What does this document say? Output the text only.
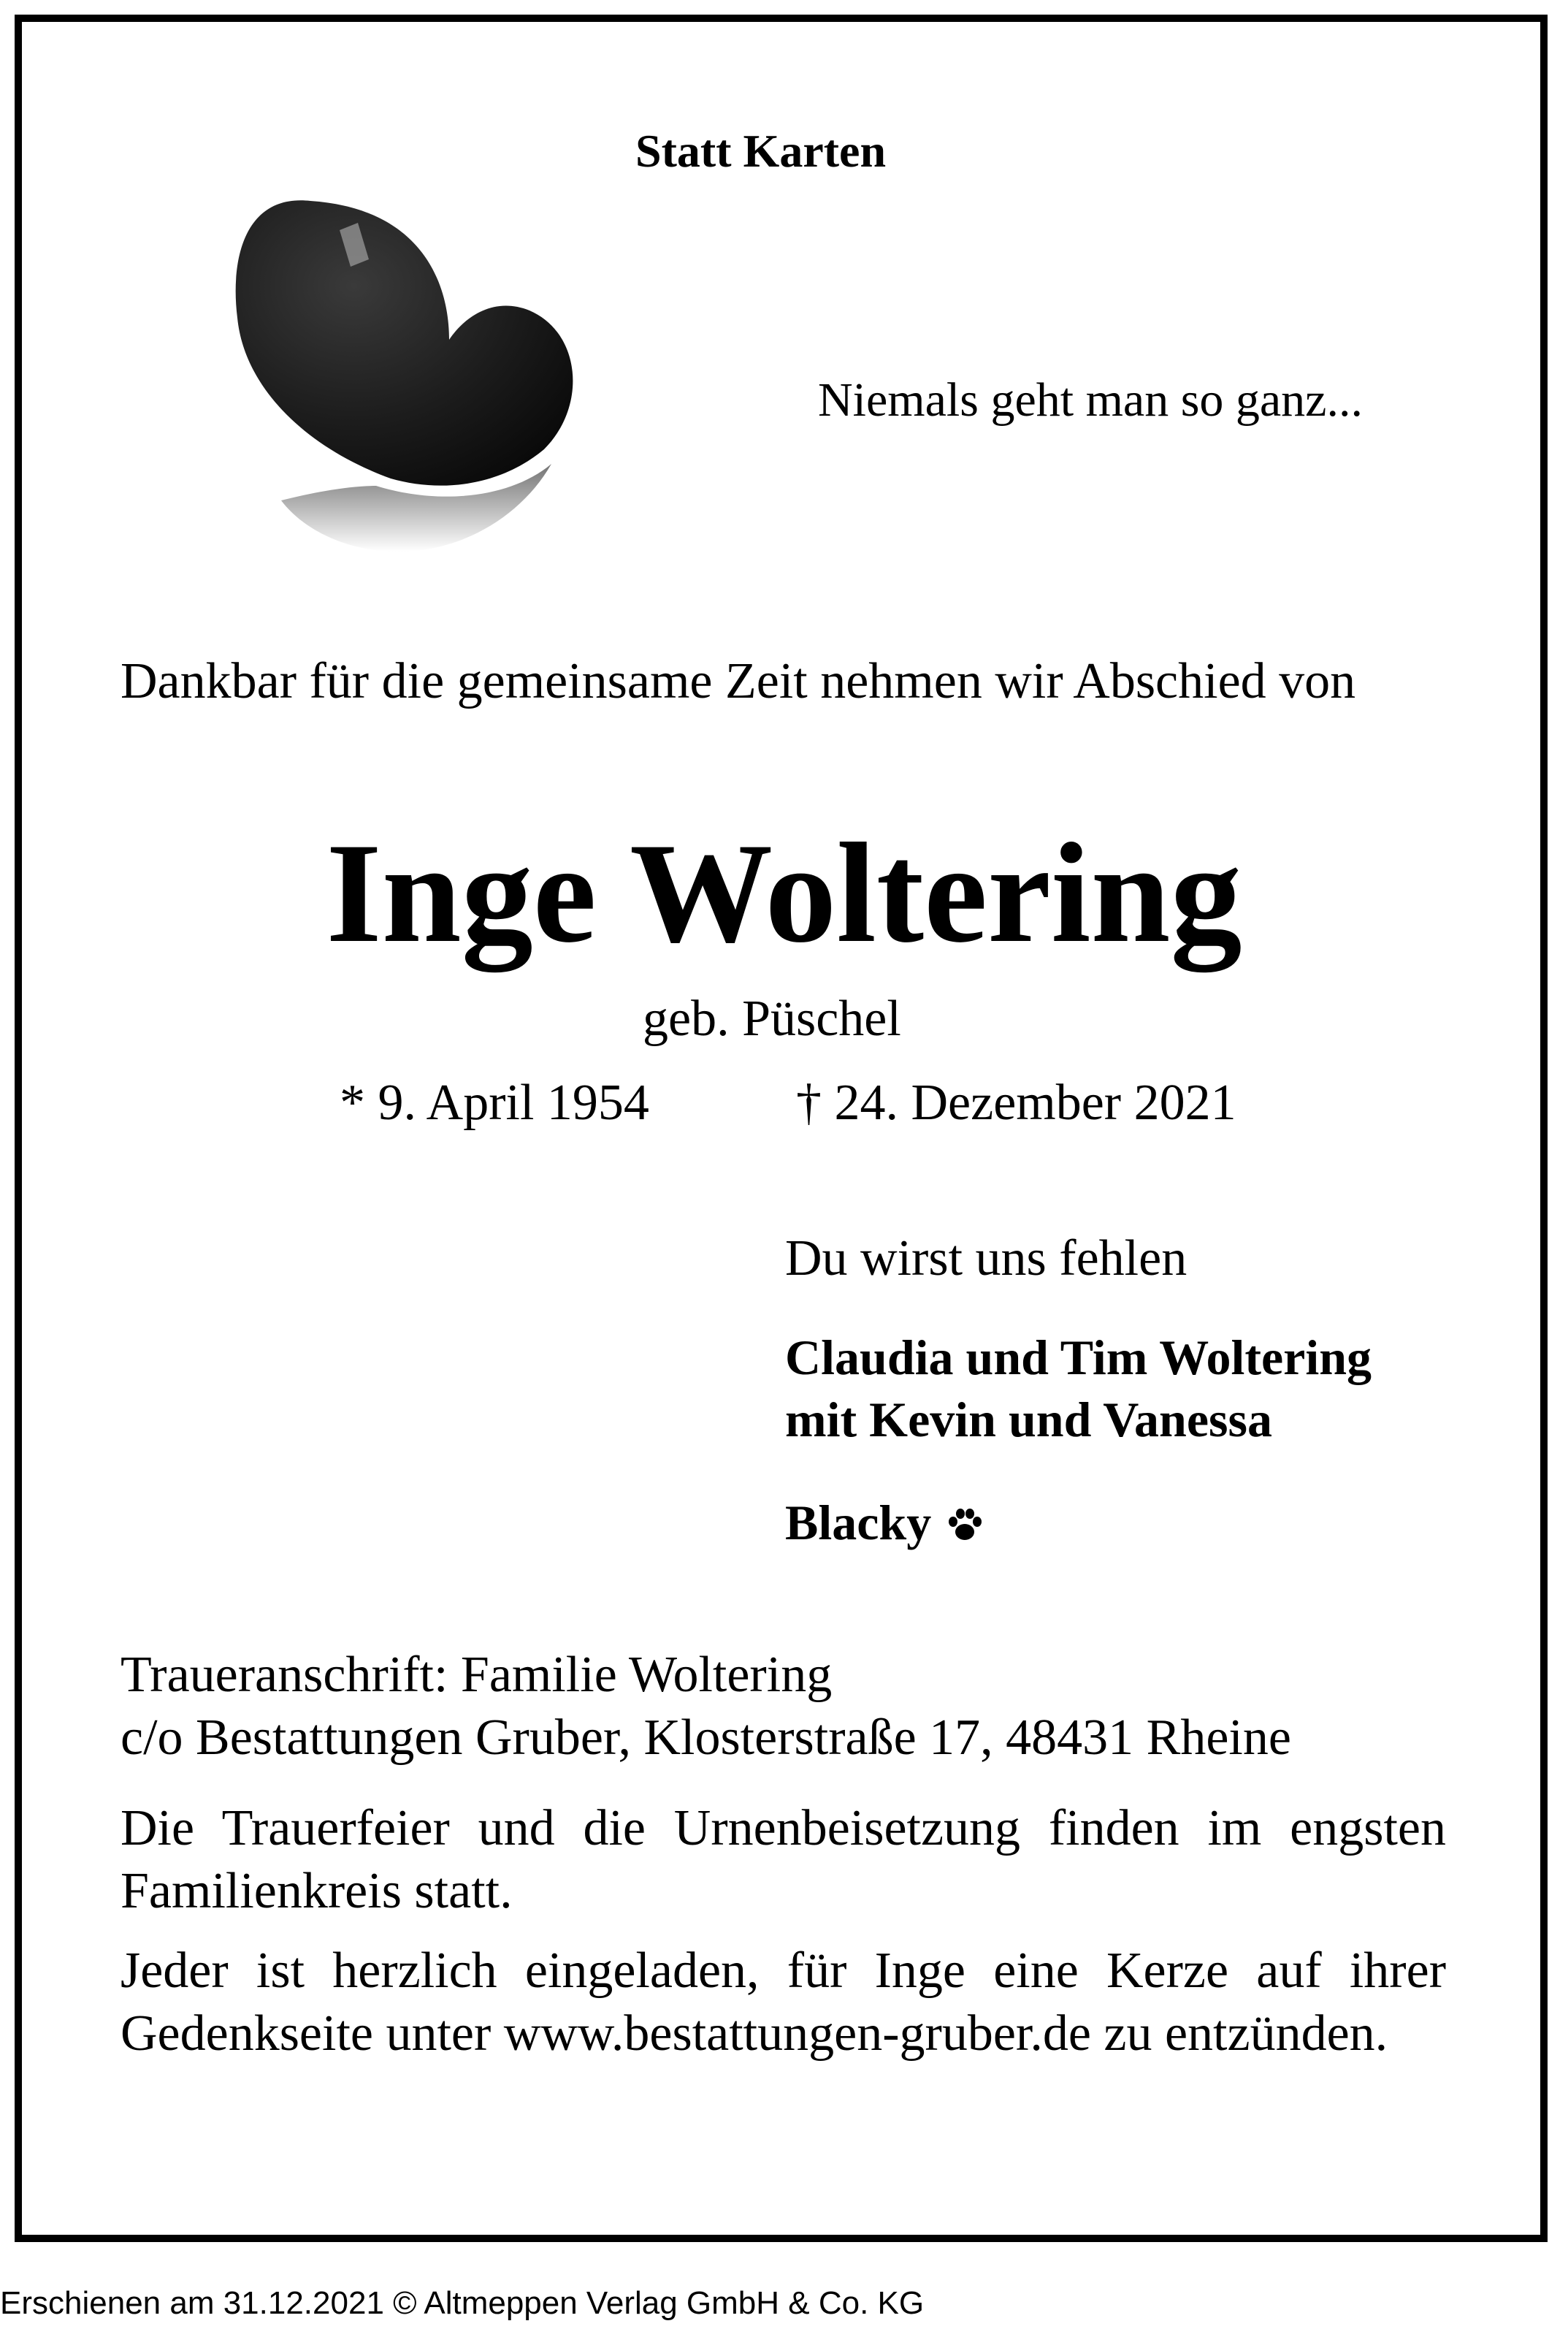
Statt Karten
Niemals geht man so ganz...
Dankbar für die gemeinsame Zeit nehmen wir Abschied von
Inge Woltering
geb. Püschel
* 9. April 1954	† 24. Dezember 2021
Du wirst uns fehlen
Claudia und Tim Woltering
mit Kevin und Vanessa
Blacky
Traueranschrift: Familie Woltering
c/o Bestattungen Gruber, Klosterstraße 17, 48431 Rheine
Die Trauerfeier und die Urnenbeisetzung finden im engsten Familienkreis statt.
Jeder ist herzlich eingeladen, für Inge eine Kerze auf ihrer Gedenkseite unter www.bestattungen-gruber.de zu entzünden.
Erschienen am 31.12.2021 © Altmeppen Verlag GmbH & Co. KG
